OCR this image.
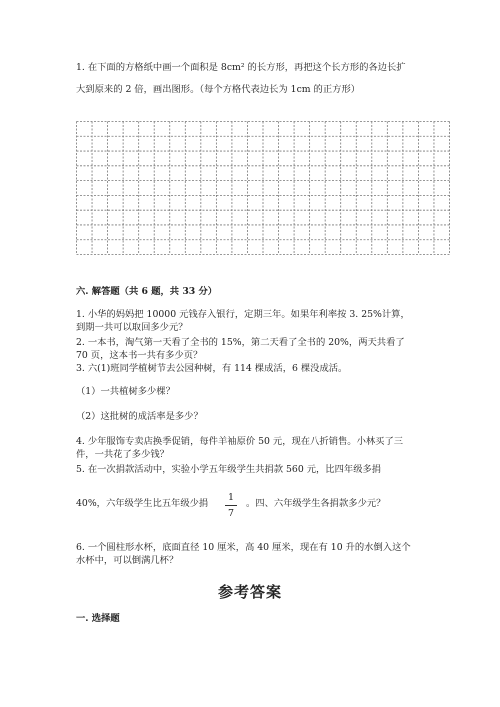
1. 在下面的方格纸中画一个面积是 8cm² 的长方形，再把这个长方形的各边长扩
大到原来的 2 倍，画出图形。（每个方格代表边长为 1cm 的正方形）
六. 解答题（共 6 题，共 33 分）
1. 小华的妈妈把 10000 元钱存入银行，定期三年。如果年利率按 3. 25%计算，
到期一共可以取回多少元？
2. 一本书，淘气第一天看了全书的 15%，第二天看了全书的 20%，两天共看了
70 页，这本书一共有多少页？
3. 六(1)班同学植树节去公园种树，有 114 棵成活，6 棵没成活。
（1）一共植树多少棵？
（2）这批树的成活率是多少？
4. 少年服饰专卖店换季促销，每件羊袖原价 50 元，现在八折销售。小林买了三
件，一共花了多少钱？
5. 在一次捐款活动中，实验小学五年级学生共捐款 560 元，比四年级多捐
40%，六年级学生比五年级少捐
1
7
。四、六年级学生各捐款多少元？
6. 一个圆柱形水杯，底面直径 10 厘米，高 40 厘米，现在有 10 升的水倒入这个
水杯中，可以倒满几杯？
参考答案
一. 选择题
